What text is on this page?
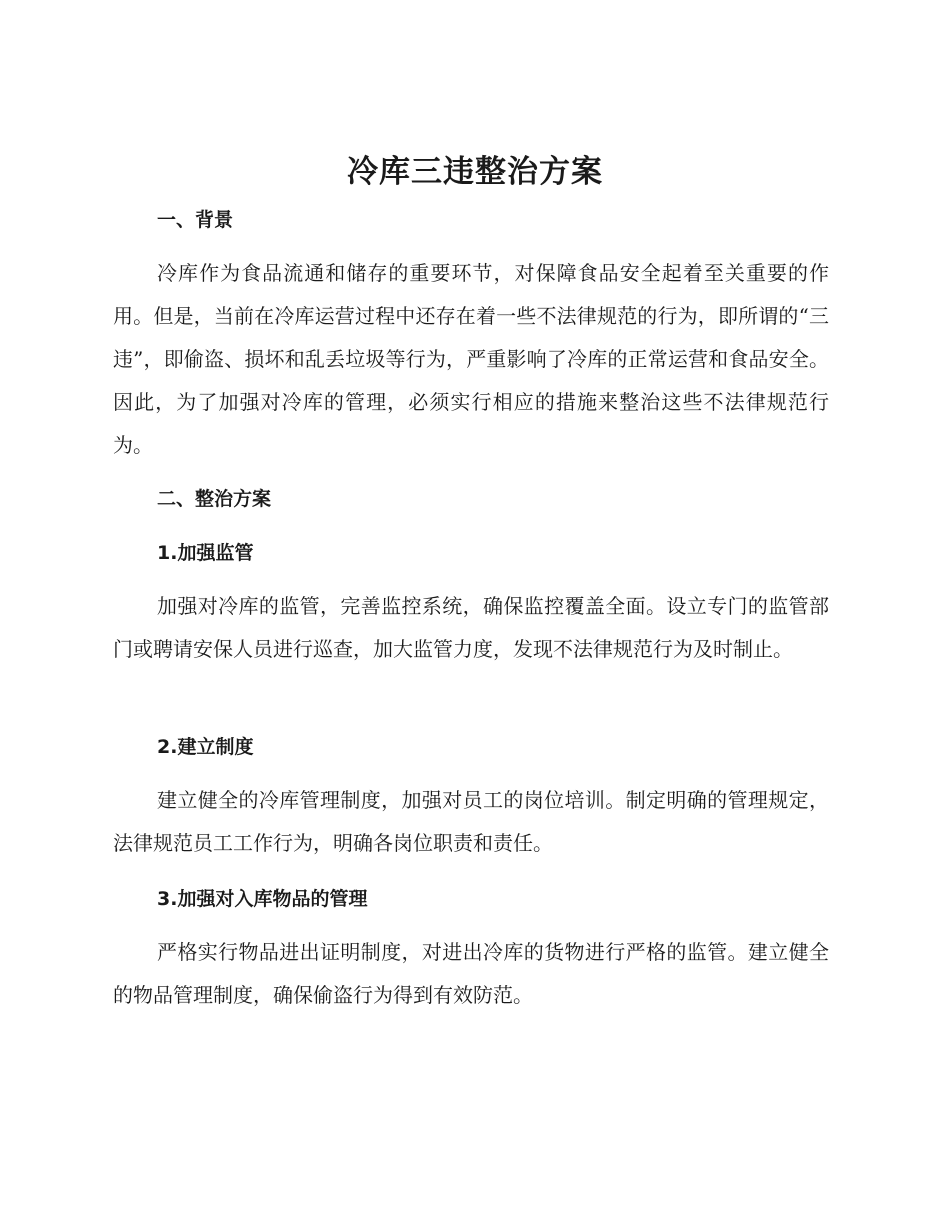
冷库三违整治方案
一、背景

冷库作为食品流通和储存的重要环节，对保障食品安全起着至关重要的作用。但是，当前在冷库运营过程中还存在着一些不法律规范的行为，即所谓的“三违”，即偷盗、损坏和乱丢垃圾等行为，严重影响了冷库的正常运营和食品安全。因此，为了加强对冷库的管理，必须实行相应的措施来整治这些不法律规范行为。

二、整治方案
1.加强监管

加强对冷库的监管，完善监控系统，确保监控覆盖全面。设立专门的监管部门或聘请安保人员进行巡查，加大监管力度，发现不法律规范行为及时制止。

2.建立制度

建立健全的冷库管理制度，加强对员工的岗位培训。制定明确的管理规定，法律规范员工工作行为，明确各岗位职责和责任。

3.加强对入库物品的管理

严格实行物品进出证明制度，对进出冷库的货物进行严格的监管。建立健全的物品管理制度，确保偷盗行为得到有效防范。
